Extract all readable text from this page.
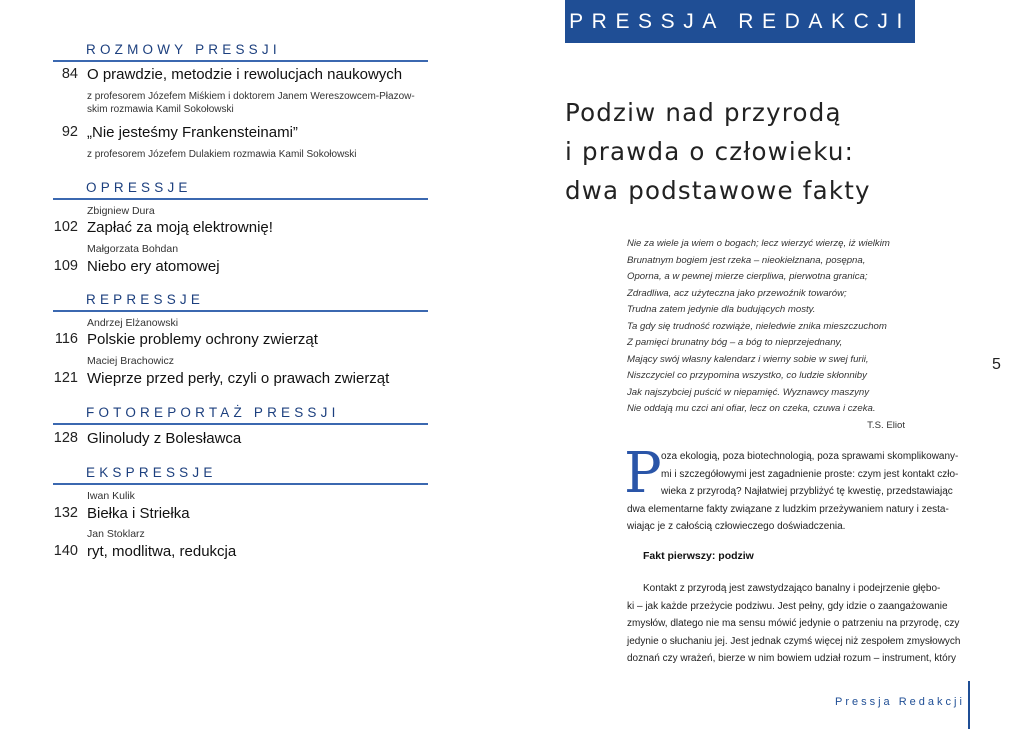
ROZMOWY PRESSJI
84 O prawdzie, metodzie i rewolucjach naukowych
z profesorem Józefem Miśkiem i doktorem Janem Wereszowcem-Płazow-
skim rozmawia Kamil Sokołowski
92 „Nie jesteśmy Frankensteinami”
z profesorem Józefem Dulakiem rozmawia Kamil Sokołowski
OPRESSJE
Zbigniew Dura
102 Zapłać za moją elektrownię!
Małgorzata Bohdan
109 Niebo ery atomowej
REPRESSJE
Andrzej Elżanowski
116 Polskie problemy ochrony zwierząt
Maciej Brachowicz
121 Wieprze przed perły, czyli o prawach zwierząt
FOTOREPORTAŻ PRESSJI
128 Glinoludy z Bolesławca
EKSPRESSJE
Iwan Kulik
132 Biełka i Striełka
Jan Stoklarz
140 ryt, modlitwa, redukcja
PRESSJA REDAKCJI
Podziw nad przyrodą
i prawda o człowieku:
dwa podstawowe fakty
Nie za wiele ja wiem o bogach; lecz wierzyć wierzę, iż wielkim
Brunatnym bogiem jest rzeka – nieokiełznana, posępna,
Oporna, a w pewnej mierze cierpliwa, pierwotna granica;
Zdradliwa, acz użyteczna jako przewoźnik towarów;
Trudna zatem jedynie dla budujących mosty.
Ta gdy się trudność rozwiąże, nieledwie znika mieszczuchom
Z pamięci brunatny bóg – a bóg to nieprzejednany,
Mający swój własny kalendarz i wierny sobie w swej furii,
Niszczyciel co przypomina wszystko, co ludzie skłonniby
Jak najszybciej puścić w niepamięć. Wyznawcy maszyny
Nie oddają mu czci ani ofiar, lecz on czeka, czuwa i czeka.
T.S. Eliot
P oza ekologią, poza biotechnologią, poza sprawami skomplikowany-
mi i szczegółowymi jest zagadnienie proste: czym jest kontakt czło-
wieka z przyrodą? Najłatwiej przybliżyć tę kwestię, przedstawiając
dwa elementarne fakty związane z ludzkim przeżywaniem natury i zesta-
wiając je z całością człowieczego doświadczenia.
Fakt pierwszy: podziw
Kontakt z przyrodą jest zawstydzająco banalny i podejrzenie głębo-
ki – jak każde przeżycie podziwu. Jest pełny, gdy idzie o zaangażowanie
zmysłów, dlatego nie ma sensu mówić jedynie o patrzeniu na przyrodę, czy
jedynie o słuchaniu jej. Jest jednak czymś więcej niż zespołem zmysłowych
doznań czy wrażeń, bierze w nim bowiem udział rozum – instrument, który
5
Pressja Redakcji
